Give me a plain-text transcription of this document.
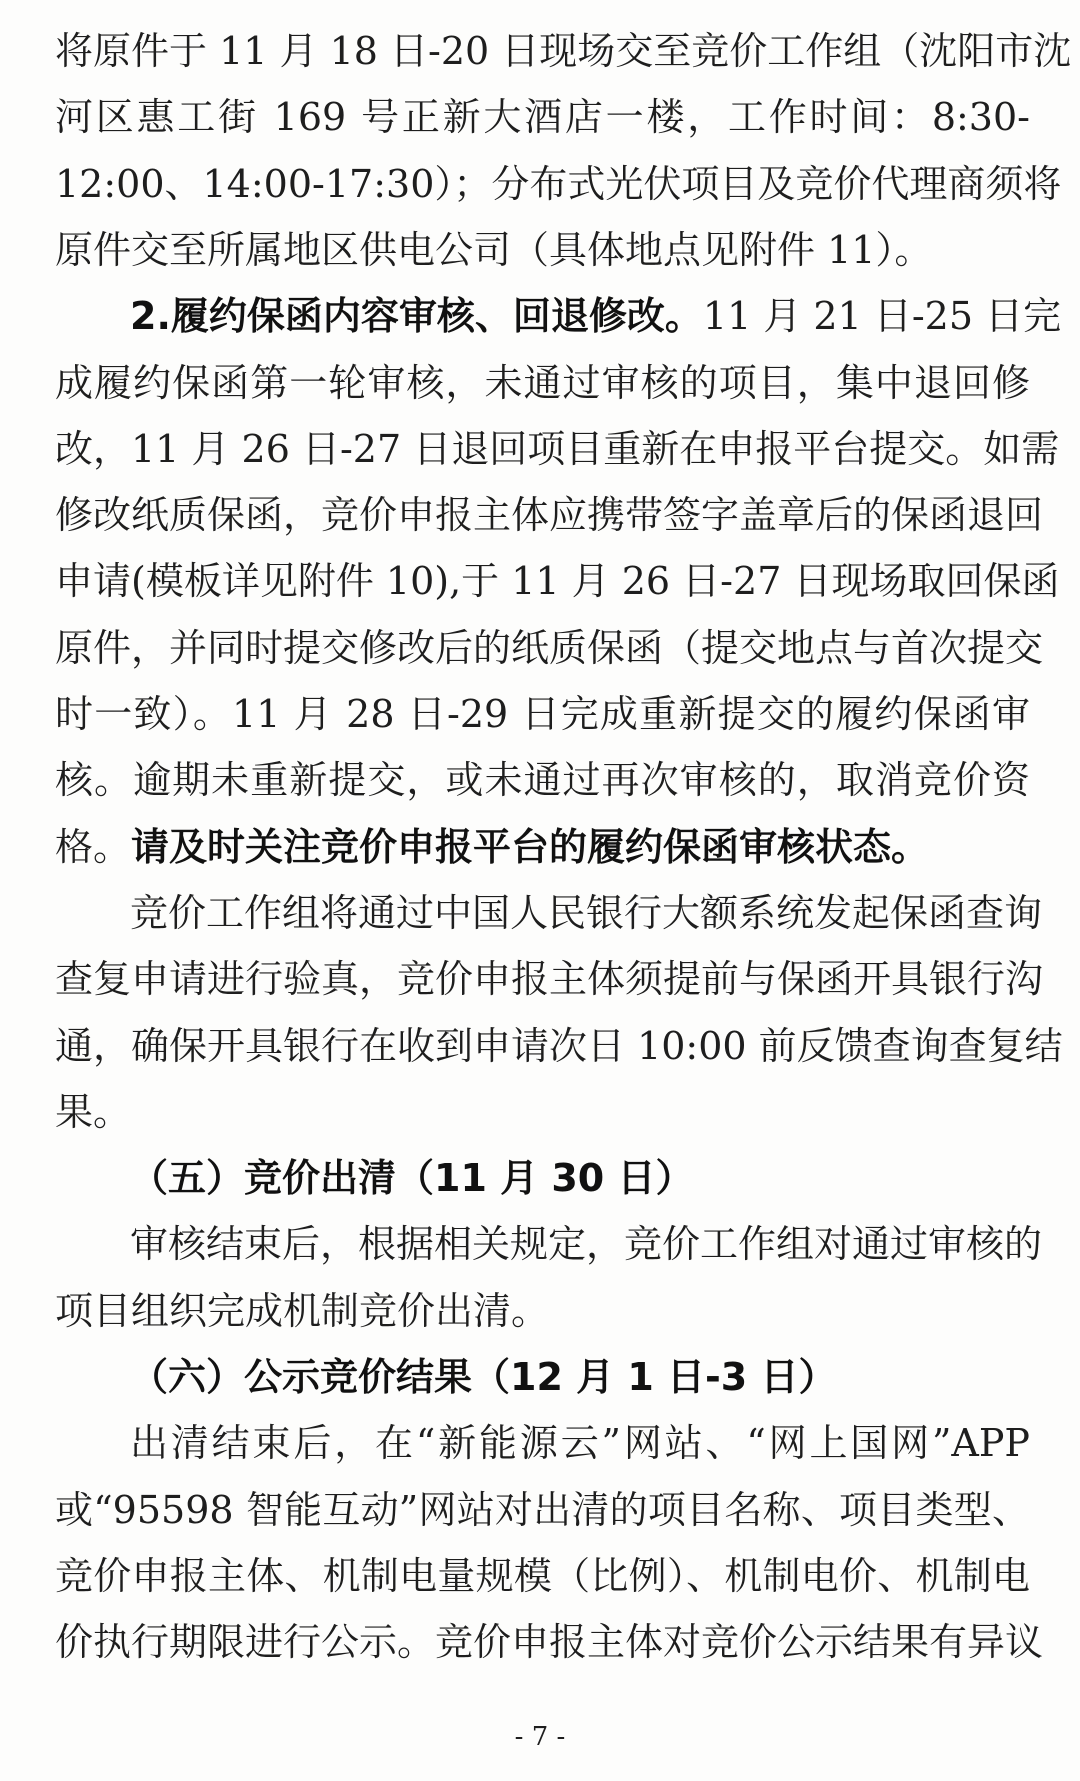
将原件于 11 月 18 日-20 日现场交至竞价工作组（沈阳市沈
河区惠工街 169 号正新大酒店一楼，工作时间：8:30-
12:00、14:00-17:30）；分布式光伏项目及竞价代理商须将
原件交至所属地区供电公司（具体地点见附件 11）。
2.履约保函内容审核、回退修改。11 月 21 日-25 日完
成履约保函第一轮审核，未通过审核的项目，集中退回修
改，11 月 26 日-27 日退回项目重新在申报平台提交。如需
修改纸质保函，竞价申报主体应携带签字盖章后的保函退回
申请(模板详见附件 10),于 11 月 26 日-27 日现场取回保函
原件，并同时提交修改后的纸质保函（提交地点与首次提交
时一致）。11 月 28 日-29 日完成重新提交的履约保函审
核。逾期未重新提交，或未通过再次审核的，取消竞价资
格。请及时关注竞价申报平台的履约保函审核状态。
竞价工作组将通过中国人民银行大额系统发起保函查询
查复申请进行验真，竞价申报主体须提前与保函开具银行沟
通，确保开具银行在收到申请次日 10:00 前反馈查询查复结
果。
（五）竞价出清（11 月 30 日）
审核结束后，根据相关规定，竞价工作组对通过审核的
项目组织完成机制竞价出清。
（六）公示竞价结果（12 月 1 日-3 日）
出清结束后，在“新能源云”网站、“网上国网”APP
或“95598 智能互动”网站对出清的项目名称、项目类型、
竞价申报主体、机制电量规模（比例）、机制电价、机制电
价执行期限进行公示。竞价申报主体对竞价公示结果有异议
- 7 -
